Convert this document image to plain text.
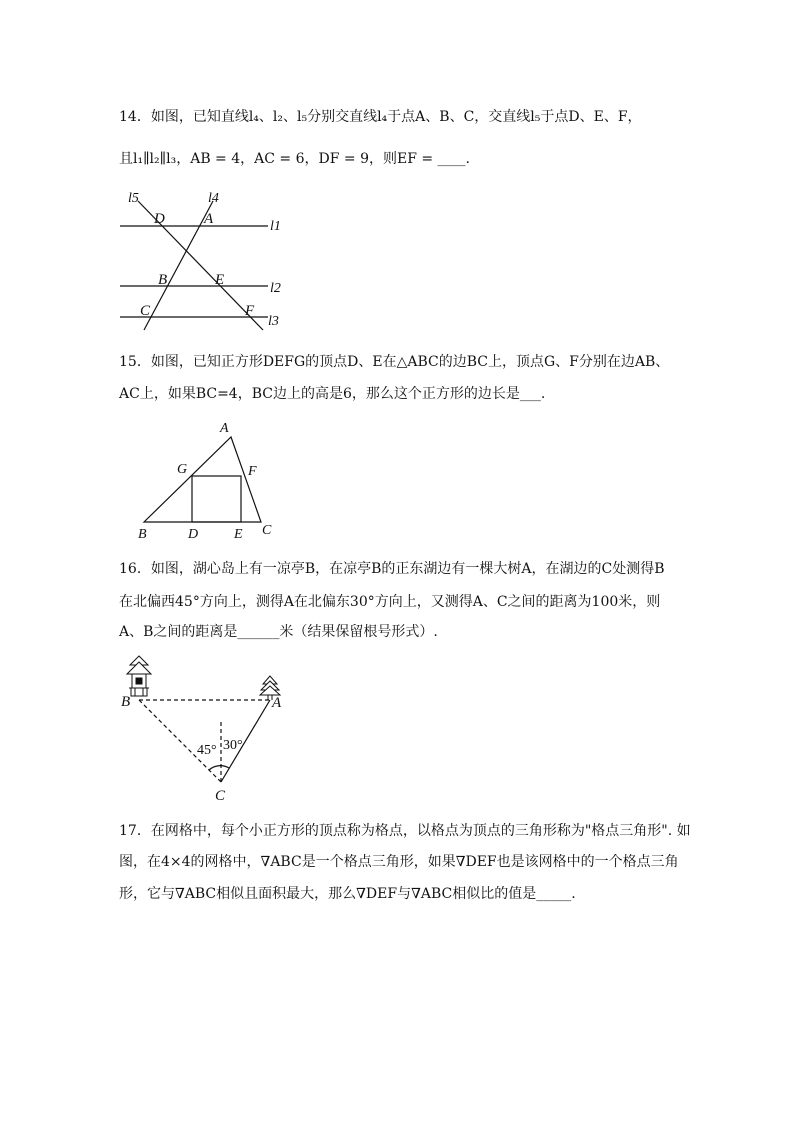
14．如图，已知直线l₄、l₂、l₅分别交直线l₄于点A、B、C，交直线l₅于点D、E、F，
且l₁∥l₂∥l₃，AB = 4，AC = 6，DF = 9，则EF = ____.
l5	l4
l1
l2
l3
D	A
B	E
C	F
15．如图，已知正方形DEFG的顶点D、E在△ABC的边BC上，顶点G、F分别在边AB、
AC上，如果BC=4，BC边上的高是6，那么这个正方形的边长是___.
A
G	F
B	D	E C
16．如图，湖心岛上有一凉亭B，在凉亭B的正东湖边有一棵大树A，在湖边的C处测得B
在北偏西45°方向上，测得A在北偏东30°方向上，又测得A、C之间的距离为100米，则
A、B之间的距离是______米（结果保留根号形式）.
B	A
C
45° 30°
17．在网格中，每个小正方形的顶点称为格点，以格点为顶点的三角形称为"格点三角形". 如
图，在4×4的网格中，∇ABC是一个格点三角形，如果∇DEF也是该网格中的一个格点三角
形，它与∇ABC相似且面积最大，那么∇DEF与∇ABC相似比的值是_____.
